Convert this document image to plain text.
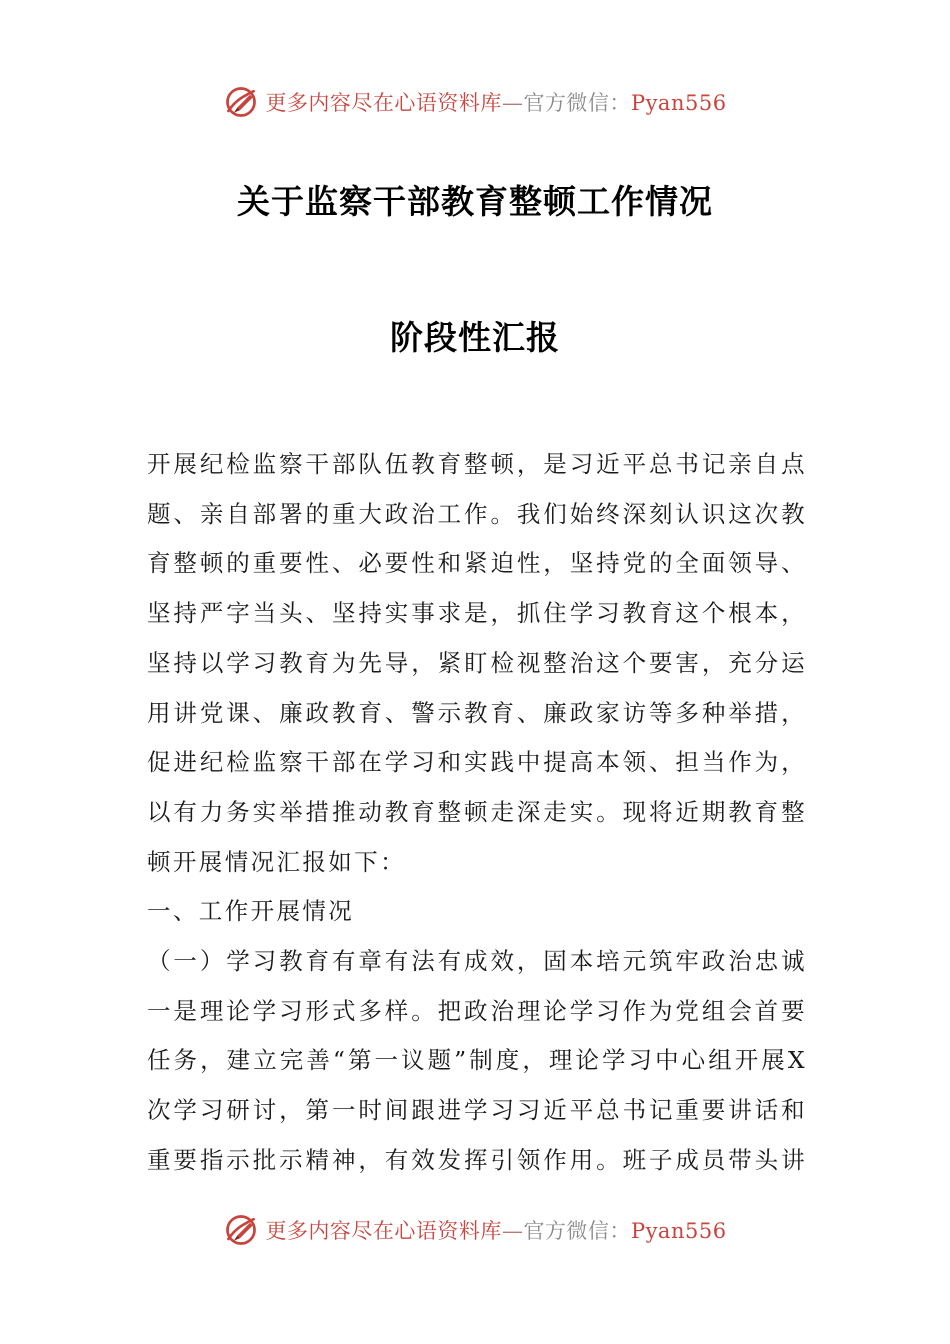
更多内容尽在心语资料库—官方微信：Pyan556
关于监察干部教育整顿工作情况
阶段性汇报
开展纪检监察干部队伍教育整顿，是习近平总书记亲自点
题、亲自部署的重大政治工作。我们始终深刻认识这次教
育整顿的重要性、必要性和紧迫性，坚持党的全面领导、
坚持严字当头、坚持实事求是，抓住学习教育这个根本，
坚持以学习教育为先导，紧盯检视整治这个要害，充分运
用讲党课、廉政教育、警示教育、廉政家访等多种举措，
促进纪检监察干部在学习和实践中提高本领、担当作为，
以有力务实举措推动教育整顿走深走实。现将近期教育整
顿开展情况汇报如下：
一、工作开展情况
（一）学习教育有章有法有成效，固本培元筑牢政治忠诚
一是理论学习形式多样。把政治理论学习作为党组会首要
任务，建立完善“第一议题”制度，理论学习中心组开展X
次学习研讨，第一时间跟进学习习近平总书记重要讲话和
重要指示批示精神，有效发挥引领作用。班子成员带头讲
更多内容尽在心语资料库—官方微信：Pyan556
